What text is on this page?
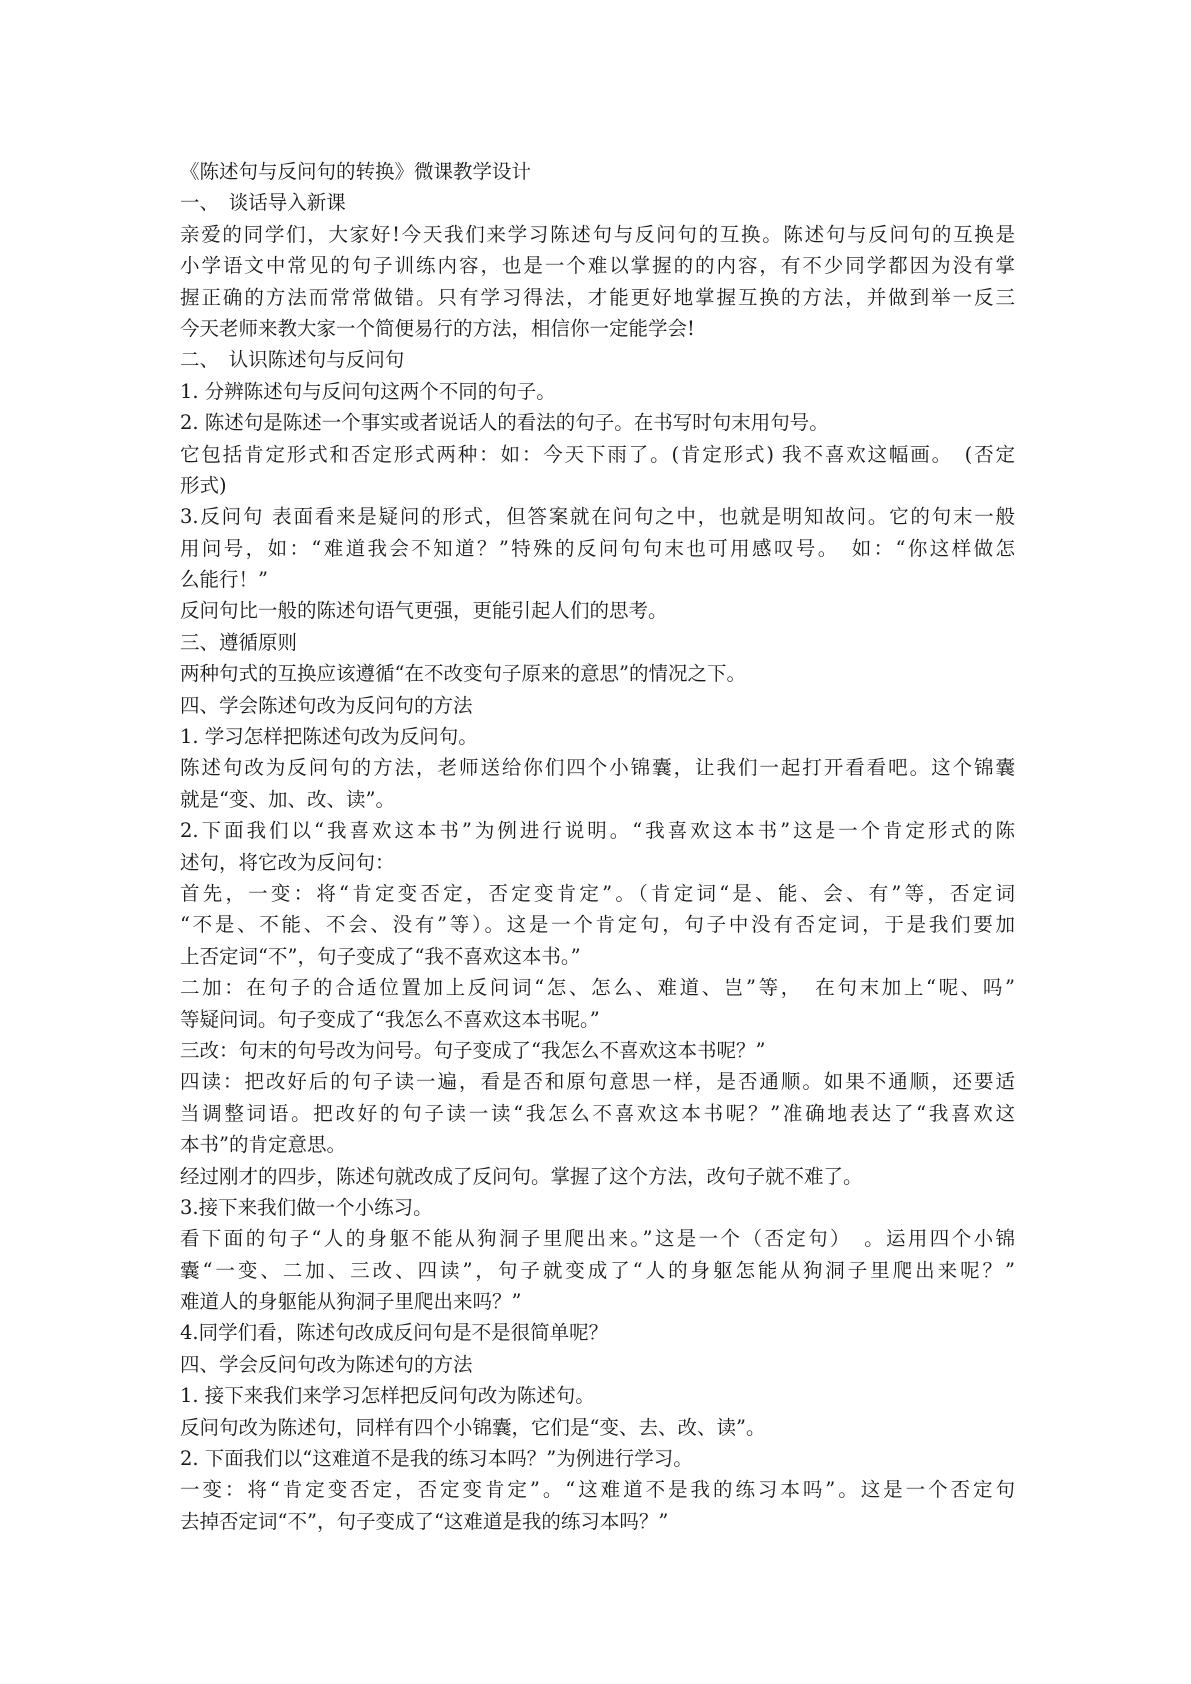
《陈述句与反问句的转换》微课教学设计
一、　谈话导入新课
亲爱的同学们，大家好!今天我们来学习陈述句与反问句的互换。陈述句与反问句的互换是
小学语文中常见的句子训练内容，也是一个难以掌握的的内容，有不少同学都因为没有掌
握正确的方法而常常做错。只有学习得法，才能更好地掌握互换的方法，并做到举一反三
今天老师来教大家一个简便易行的方法，相信你一定能学会!
二、　认识陈述句与反问句
1. 分辨陈述句与反问句这两个不同的句子。
2. 陈述句是陈述一个事实或者说话人的看法的句子。在书写时句末用句号。
它包括肯定形式和否定形式两种：如：今天下雨了。(肯定形式) 我不喜欢这幅画。　(否定
形式)
3.反问句 表面看来是疑问的形式，但答案就在问句之中，也就是明知故问。它的句末一般
用问号，如：“难道我会不知道？”特殊的反问句句末也可用感叹号。　如：“你这样做怎
么能行！”
反问句比一般的陈述句语气更强，更能引起人们的思考。
三、遵循原则
两种句式的互换应该遵循“在不改变句子原来的意思”的情况之下。
四、学会陈述句改为反问句的方法
1. 学习怎样把陈述句改为反问句。
陈述句改为反问句的方法，老师送给你们四个小锦囊，让我们一起打开看看吧。这个锦囊
就是“变、加、改、读”。
2.下面我们以“我喜欢这本书”为例进行说明。“我喜欢这本书”这是一个肯定形式的陈
述句，将它改为反问句：
首先，一变：将“肯定变否定，否定变肯定”。（肯定词“是、能、会、有”等，否定词
“不是、不能、不会、没有”等）。这是一个肯定句，句子中没有否定词，于是我们要加
上否定词“不”，句子变成了“我不喜欢这本书。”
二加：在句子的合适位置加上反问词“怎、怎么、难道、岂”等，　在句末加上“呢、吗”
等疑问词。句子变成了“我怎么不喜欢这本书呢。”
三改：句末的句号改为问号。句子变成了“我怎么不喜欢这本书呢？”
四读：把改好后的句子读一遍，看是否和原句意思一样，是否通顺。如果不通顺，还要适
当调整词语。把改好的句子读一读“我怎么不喜欢这本书呢？”准确地表达了“我喜欢这
本书”的肯定意思。
经过刚才的四步，陈述句就改成了反问句。掌握了这个方法，改句子就不难了。
3.接下来我们做一个小练习。
看下面的句子“人的身躯不能从狗洞子里爬出来。”这是一个（否定句）　。运用四个小锦
囊“一变、二加、三改、四读”，句子就变成了“人的身躯怎能从狗洞子里爬出来呢？”
难道人的身躯能从狗洞子里爬出来吗？”
4.同学们看，陈述句改成反问句是不是很简单呢？
四、学会反问句改为陈述句的方法
1. 接下来我们来学习怎样把反问句改为陈述句。
反问句改为陈述句，同样有四个小锦囊，它们是“变、去、改、读”。
2. 下面我们以“这难道不是我的练习本吗？”为例进行学习。
一变：将“肯定变否定，否定变肯定”。“这难道不是我的练习本吗”。这是一个否定句
去掉否定词“不”，句子变成了“这难道是我的练习本吗？”
